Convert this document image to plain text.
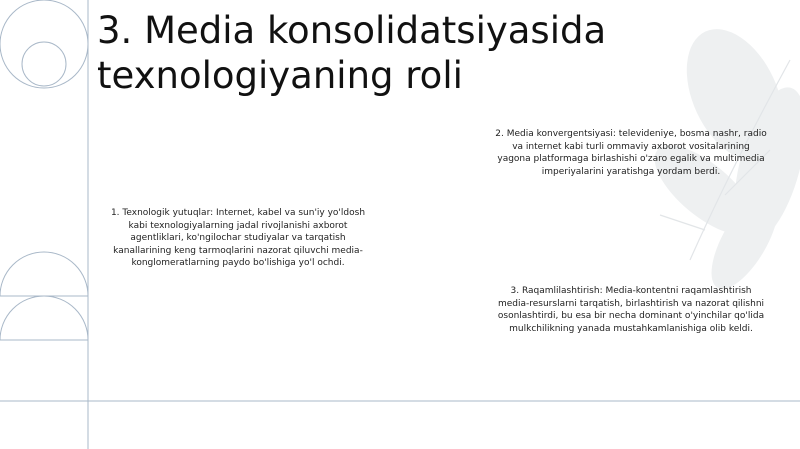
3. Media konsolidatsiyasida
texnologiyaning roli
1. Texnologik yutuqlar: Internet, kabel va sun'iy yo'ldosh
kabi texnologiyalarning jadal rivojlanishi axborot
agentliklari, ko'ngilochar studiyalar va tarqatish
kanallarining keng tarmoqlarini nazorat qiluvchi media-
konglomeratlarning paydo bo'lishiga yo'l ochdi.
2. Media konvergentsiyasi: televideniye, bosma nashr, radio
va internet kabi turli ommaviy axborot vositalarining
yagona platformaga birlashishi o'zaro egalik va multimedia
imperiyalarini yaratishga yordam berdi.
3. Raqamlilashtirish: Media-kontentni raqamlashtirish
media-resurslarni tarqatish, birlashtirish va nazorat qilishni
osonlashtirdi, bu esa bir necha dominant o'yinchilar qo'lida
mulkchilikning yanada mustahkamlanishiga olib keldi.
